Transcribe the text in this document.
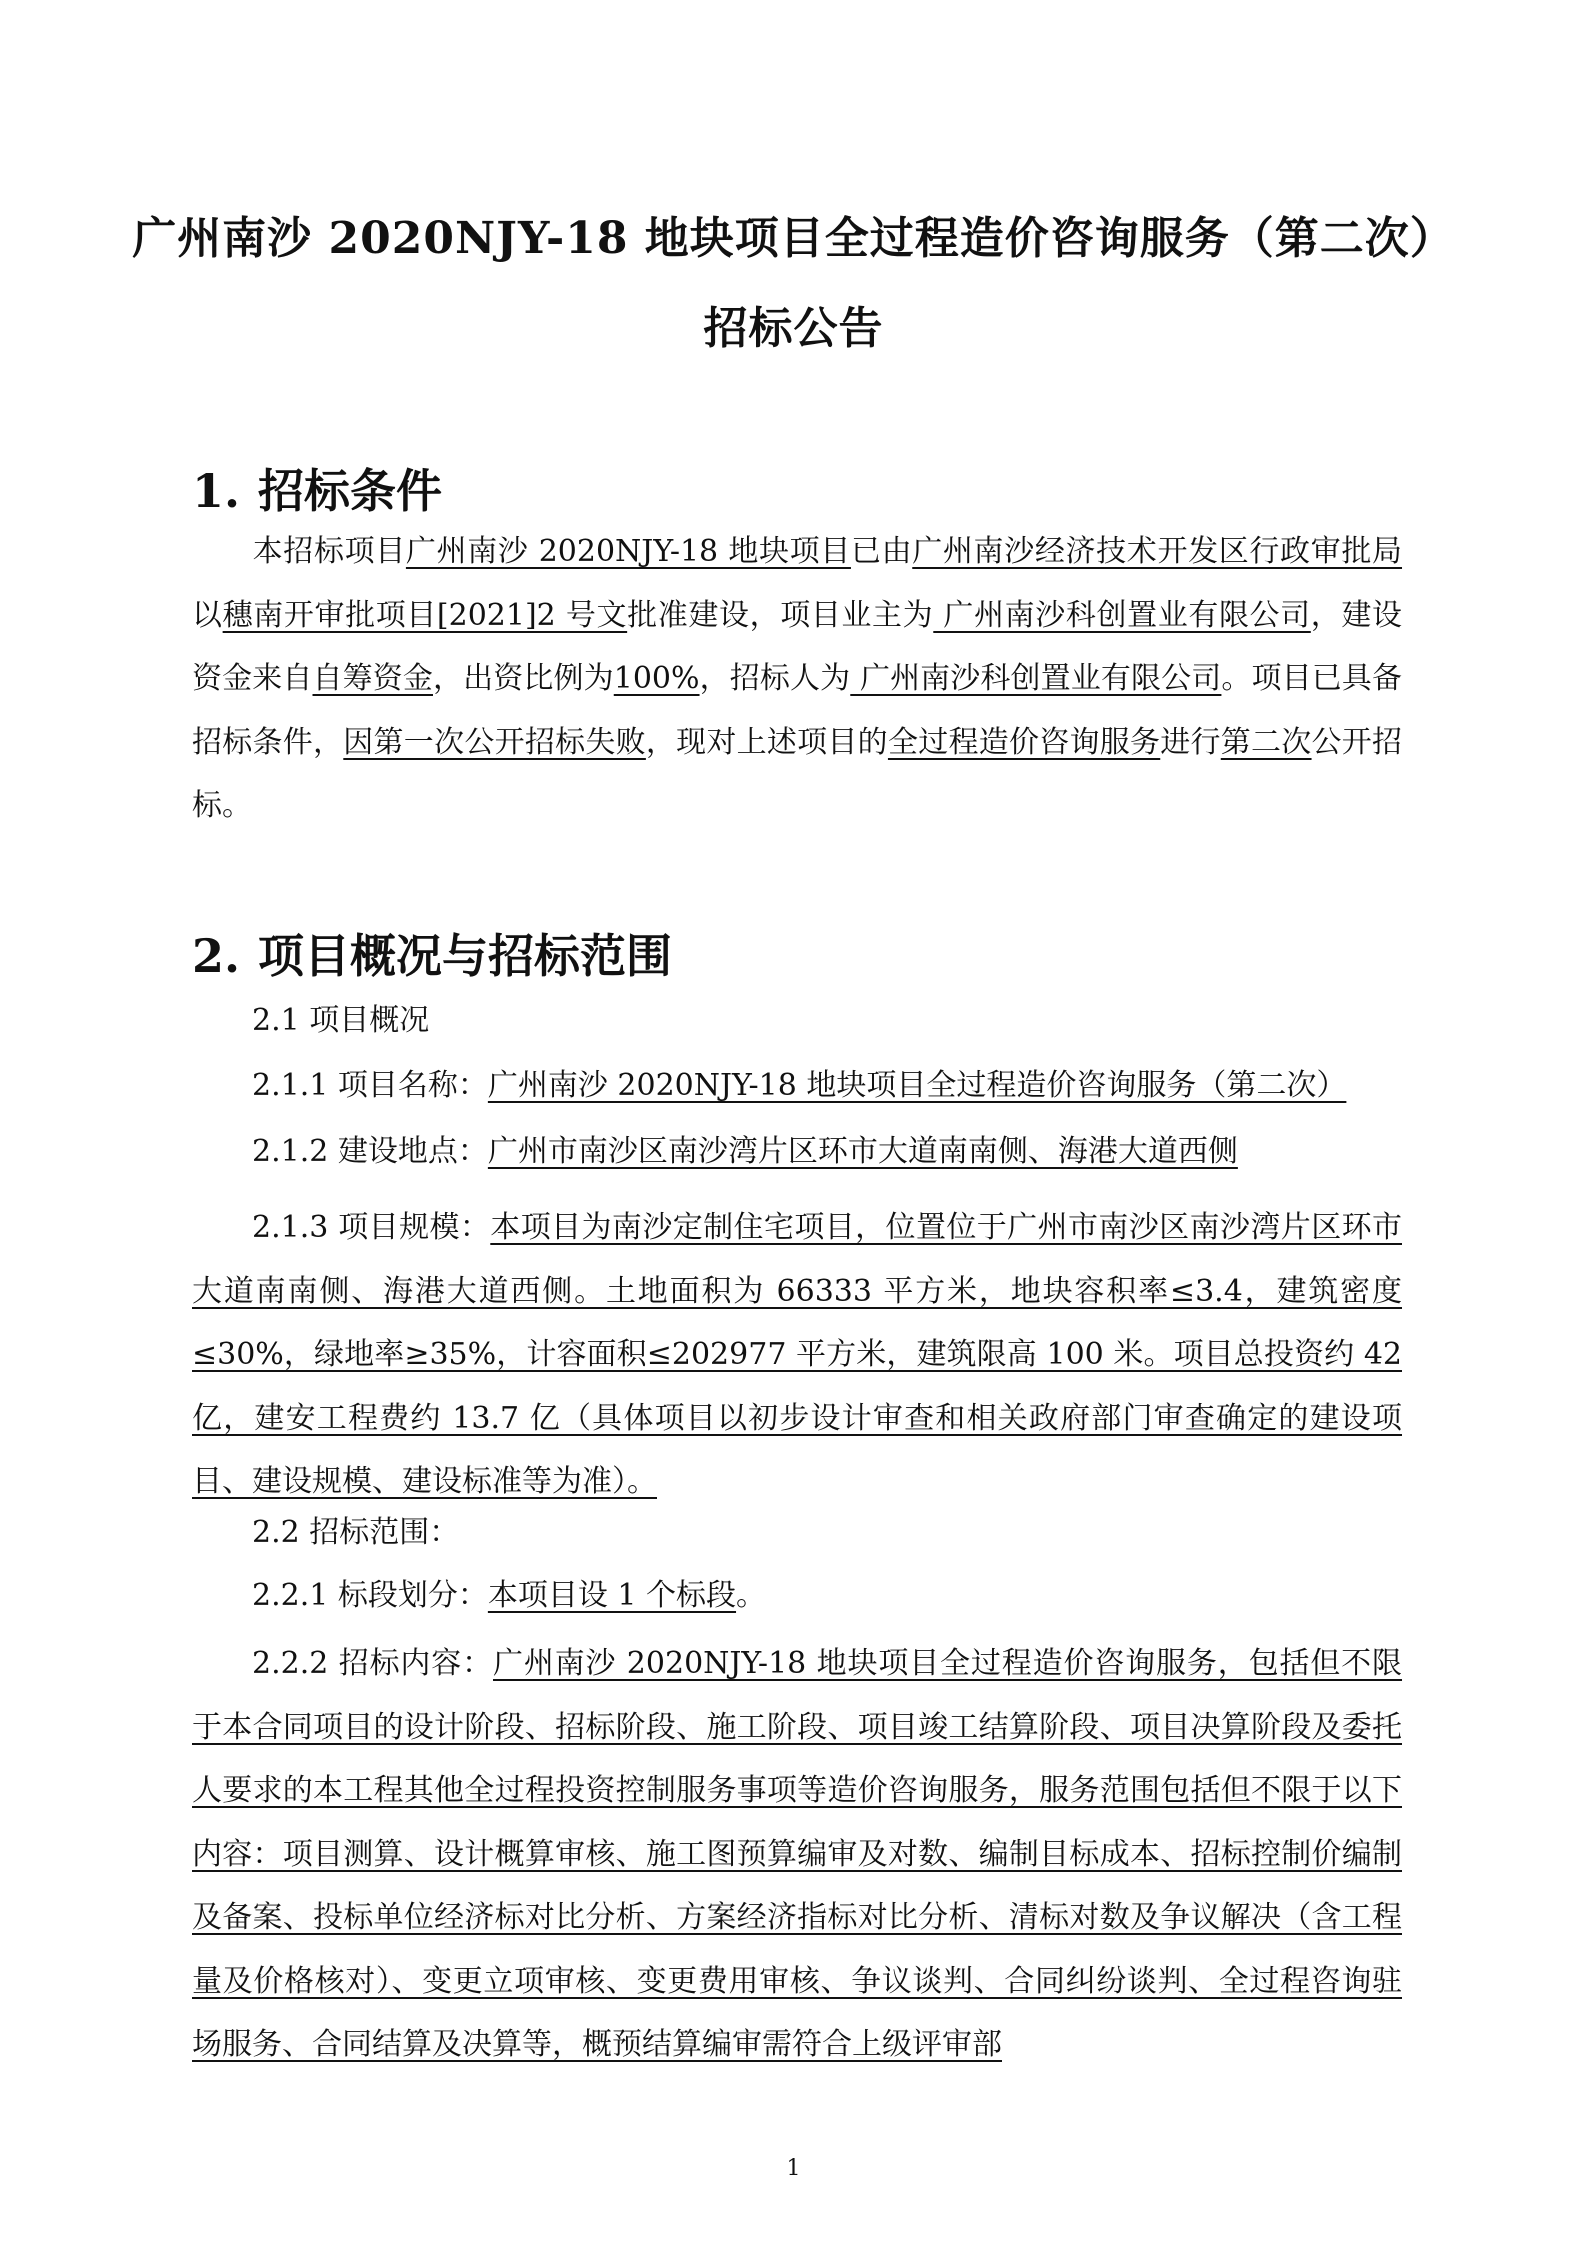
广州南沙 2020NJY-18 地块项目全过程造价咨询服务（第二次）
招标公告
1. 招标条件
本招标项目广州南沙 2020NJY-18 地块项目已由广州南沙经济技术开发区行政审批局以穗南开审批项目[2021]2 号文批准建设，项目业主为 广州南沙科创置业有限公司，建设资金来自自筹资金，出资比例为100%，招标人为 广州南沙科创置业有限公司。项目已具备招标条件，因第一次公开招标失败，现对上述项目的全过程造价咨询服务进行第二次公开招标。
2. 项目概况与招标范围
2.1 项目概况
2.1.1 项目名称：广州南沙 2020NJY-18 地块项目全过程造价咨询服务（第二次）
2.1.2 建设地点：广州市南沙区南沙湾片区环市大道南南侧、海港大道西侧
2.1.3 项目规模：本项目为南沙定制住宅项目，位置位于广州市南沙区南沙湾片区环市大道南南侧、海港大道西侧。土地面积为 66333 平方米，地块容积率≤3.4，建筑密度≤30%，绿地率≥35%，计容面积≤202977 平方米，建筑限高 100 米。项目总投资约 42 亿，建安工程费约 13.7 亿（具体项目以初步设计审查和相关政府部门审查确定的建设项目、建设规模、建设标准等为准）。
2.2 招标范围：
2.2.1 标段划分：本项目设 1 个标段。
2.2.2 招标内容：广州南沙 2020NJY-18 地块项目全过程造价咨询服务，包括但不限于本合同项目的设计阶段、招标阶段、施工阶段、项目竣工结算阶段、项目决算阶段及委托人要求的本工程其他全过程投资控制服务事项等造价咨询服务，服务范围包括但不限于以下内容：项目测算、设计概算审核、施工图预算编审及对数、编制目标成本、招标控制价编制及备案、投标单位经济标对比分析、方案经济指标对比分析、清标对数及争议解决（含工程量及价格核对）、变更立项审核、变更费用审核、争议谈判、合同纠纷谈判、全过程咨询驻场服务、合同结算及决算等，概预结算编审需符合上级评审部
1
